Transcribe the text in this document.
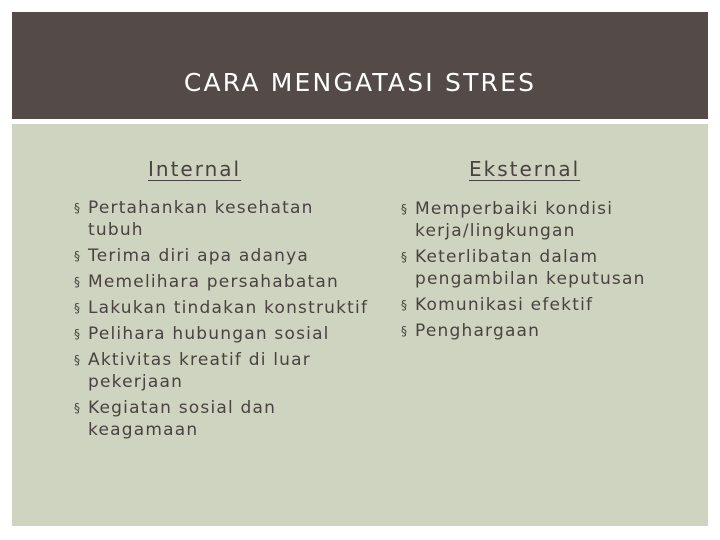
CARA MENGATASI STRES
Internal	Eksternal
§ Pertahankan kesehatan tubuh
§ Terima diri apa adanya
§ Memelihara persahabatan
§ Lakukan tindakan konstruktif
§ Pelihara hubungan sosial
§ Aktivitas kreatif di luar pekerjaan
§ Kegiatan sosial dan keagamaan
§ Memperbaiki kondisi kerja/lingkungan
§ Keterlibatan dalam pengambilan keputusan
§ Komunikasi efektif
§ Penghargaan
